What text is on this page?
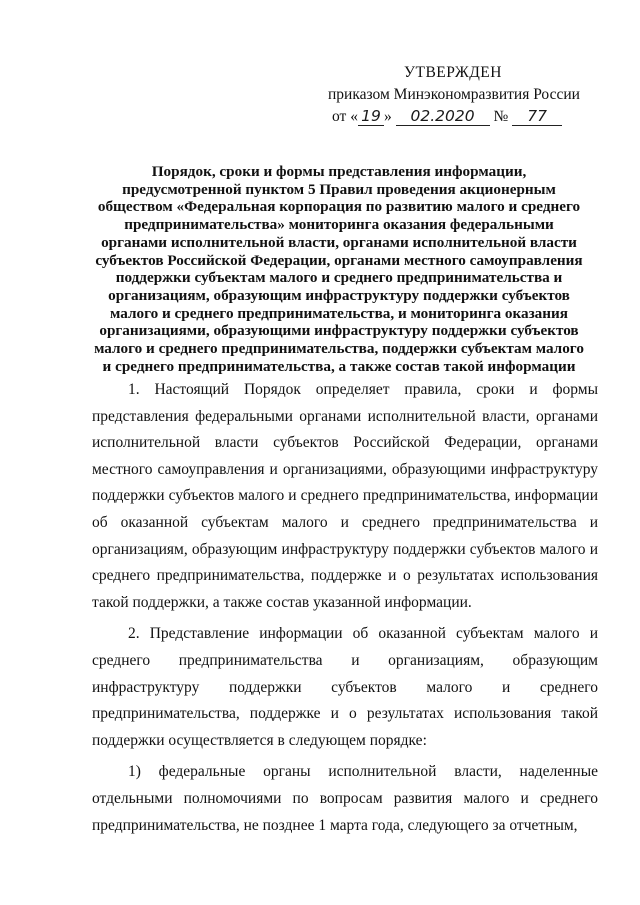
УТВЕРЖДЕН
приказом Минэкономразвития России
от « 19 » 02.2020 № 77
Порядок, сроки и формы представления информации, предусмотренной пунктом 5 Правил проведения акционерным обществом «Федеральная корпорация по развитию малого и среднего предпринимательства» мониторинга оказания федеральными органами исполнительной власти, органами исполнительной власти субъектов Российской Федерации, органами местного самоуправления поддержки субъектам малого и среднего предпринимательства и организациям, образующим инфраструктуру поддержки субъектов малого и среднего предпринимательства, и мониторинга оказания организациями, образующими инфраструктуру поддержки субъектов малого и среднего предпринимательства, поддержки субъектам малого и среднего предпринимательства, а также состав такой информации

1. Настоящий Порядок определяет правила, сроки и формы представления федеральными органами исполнительной власти, органами исполнительной власти субъектов Российской Федерации, органами местного самоуправления и организациями, образующими инфраструктуру поддержки субъектов малого и среднего предпринимательства, информации об оказанной субъектам малого и среднего предпринимательства и организациям, образующим инфраструктуру поддержки субъектов малого и среднего предпринимательства, поддержке и о результатах использования такой поддержки, а также состав указанной информации.

2. Представление информации об оказанной субъектам малого и среднего предпринимательства и организациям, образующим инфраструктуру поддержки субъектов малого и среднего предпринимательства, поддержке и о результатах использования такой поддержки осуществляется в следующем порядке:

1) федеральные органы исполнительной власти, наделенные отдельными полномочиями по вопросам развития малого и среднего предпринимательства, не позднее 1 марта года, следующего за отчетным,
